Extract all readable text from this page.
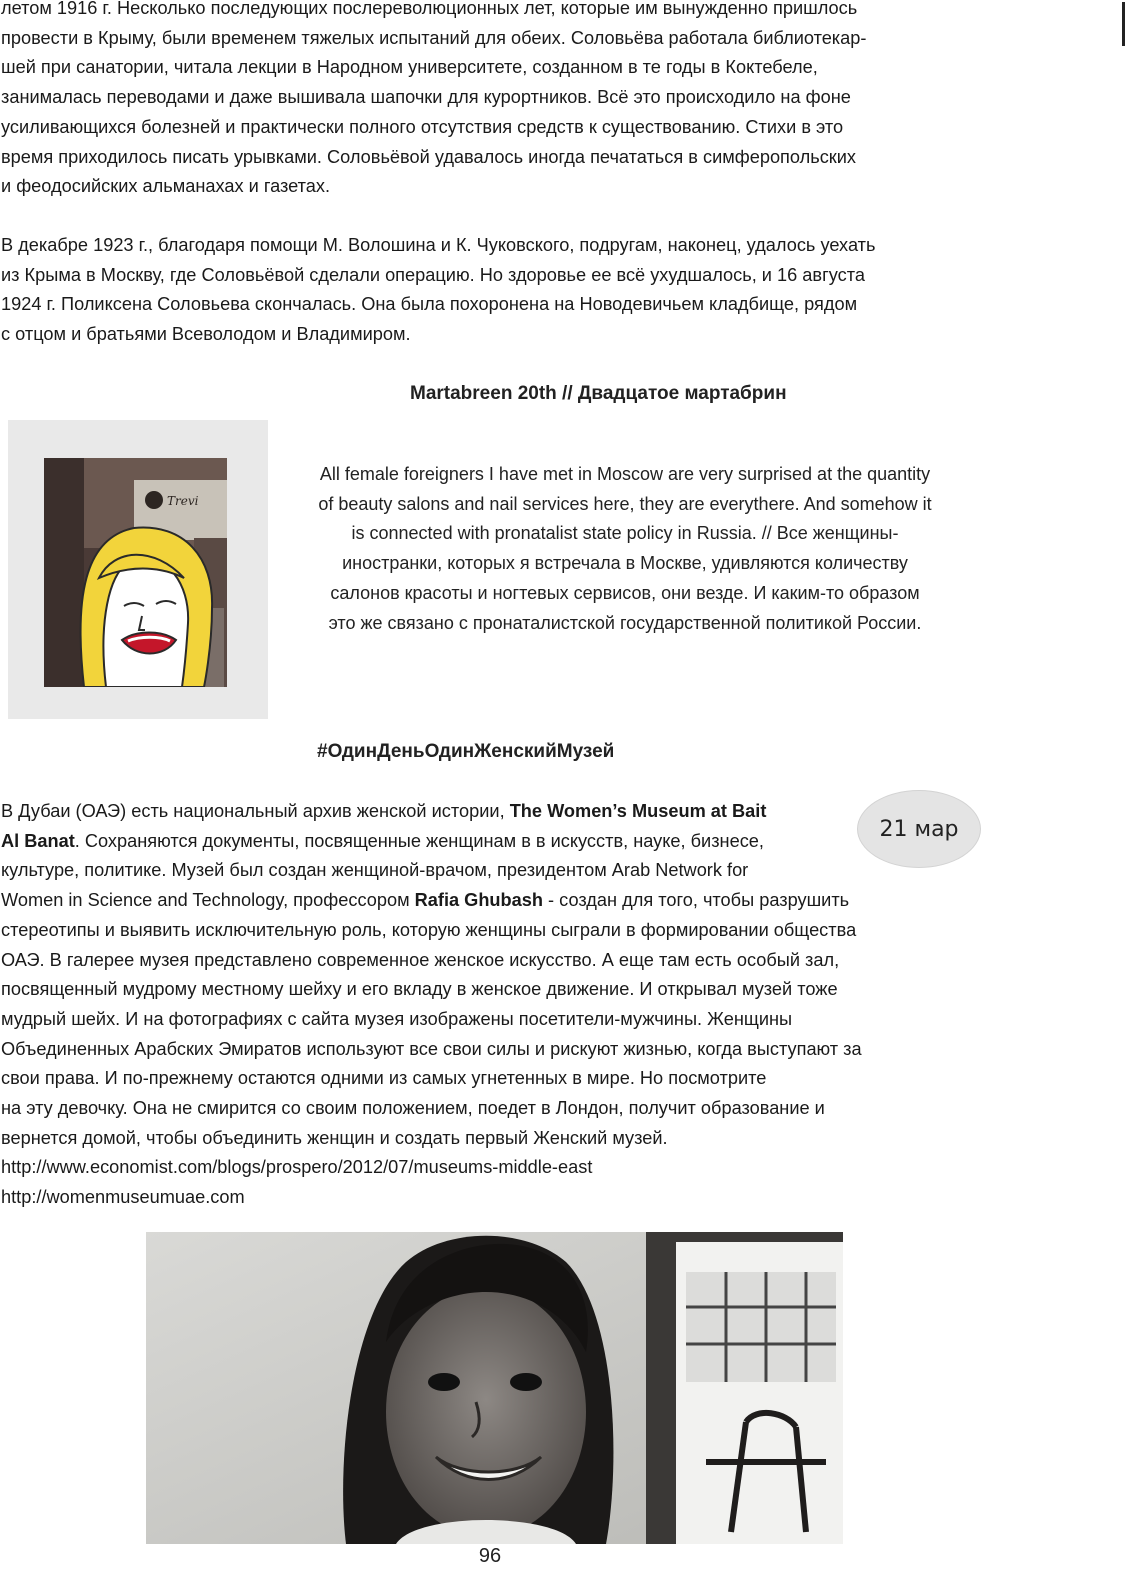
летом 1916 г. Несколько последующих послереволюционных лет, которые им вынужденно пришлось
провести в Крыму, были временем тяжелых испытаний для обеих. Соловьёва работала библиотекар-
шей при санатории, читала лекции в Народном университете, созданном в те годы в Коктебеле,
занималась переводами и даже вышивала шапочки для курортников. Всё это происходило на фоне
усиливающихся болезней и практически полного отсутствия средств к существованию. Стихи в это
время приходилось писать урывками. Соловьёвой удавалось иногда печататься в симферопольских
и феодосийских альманахах и газетах.

В декабре 1923 г., благодаря помощи М. Волошина и К. Чуковского, подругам, наконец, удалось уехать
из Крыма в Москву, где Соловьёвой сделали операцию. Но здоровье ее всё ухудшалось, и 16 августа
1924 г. Поликсена Соловьева скончалась. Она была похоронена на Новодевичьем кладбище, рядом
с отцом и братьями Всеволодом и Владимиром.

Martabreen 20th // Двадцатое мартабрин
Trevi
All female foreigners I have met in Moscow are very surprised at the quantity
of beauty salons and nail services here, they are everythere. And somehow it
is connected with pronatalist state policy in Russia. // Все женщины-
иностранки, которых я встречала в Москве, удивляются количеству
салонов красоты и ногтевых сервисов, они везде. И каким-то образом
это же связано с пронаталистской государственной политикой России.
#ОдинДеньОдинЖенскийМузей
21 мар

В Дубаи (ОАЭ) есть национальный архив женской истории, The Women’s Museum at Bait
Al Banat. Сохраняются документы, посвященные женщинам в в искусств, науке, бизнесе,
культуре, политике. Музей был создан женщиной-врачом, президентом Arab Network for
Women in Science and Technology, профессором Rafia Ghubash - создан для того, чтобы разрушить
стереотипы и выявить исключительную роль, которую женщины сыграли в формировании общества
ОАЭ. В галерее музея представлено современное женское искусство. А еще там есть особый зал,
посвященный мудрому местному шейху и его вкладу в женское движение. И открывал музей тоже
мудрый шейх. И на фотографиях с сайта музея изображены посетители-мужчины. Женщины
Объединенных Арабских Эмиратов используют все свои силы и рискуют жизнью, когда выступают за
свои права. И по-прежнему остаются одними из самых угнетенных в мире. Но посмотрите
на эту девочку. Она не смирится со своим положением, поедет в Лондон, получит образование и
вернется домой, чтобы объединить женщин и создать первый Женский музей.
http://www.economist.com/blogs/prospero/2012/07/museums-middle-east
http://womenmuseumuae.com

96
